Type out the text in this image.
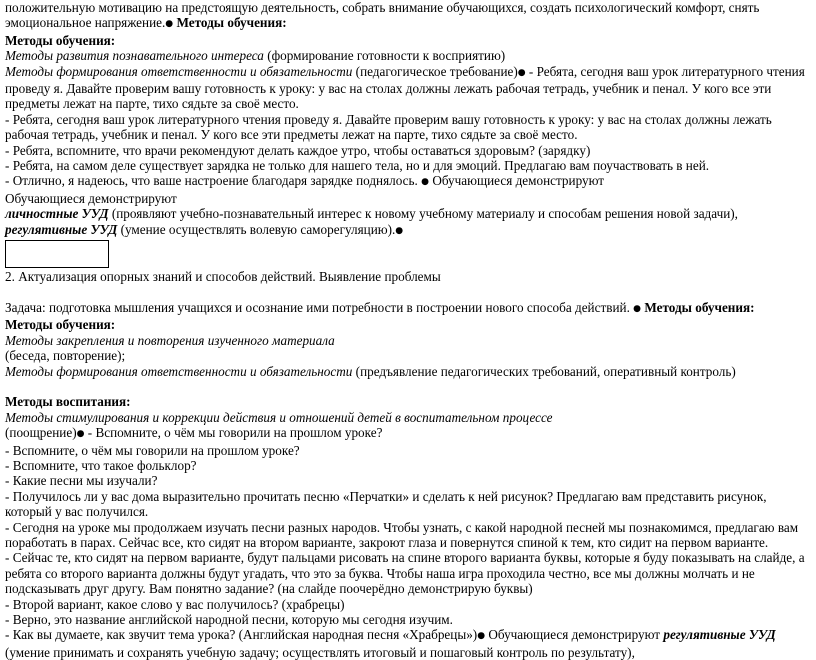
положительную мотивацию на предстоящую деятельность, собрать внимание обучающихся, создать психологический комфорт, снять эмоциональное напряжение.● Методы обучения:

Методы обучения:

Методы развития познавательного интереса (формирование готовности к восприятию)

Методы формирования ответственности и обязательности (педагогическое требование)● - Ребята, сегодня ваш урок литературного чтения проведу я. Давайте проверим вашу готовность к уроку: у вас на столах должны лежать рабочая тетрадь, учебник и пенал. У кого все эти предметы лежат на парте, тихо сядьте за своё место.

- Ребята, сегодня ваш урок литературного чтения проведу я. Давайте проверим вашу готовность к уроку: у вас на столах должны лежать рабочая тетрадь, учебник и пенал. У кого все эти предметы лежат на парте, тихо сядьте за своё место.

- Ребята, вспомните, что врачи рекомендуют делать каждое утро, чтобы оставаться здоровым? (зарядку)

- Ребята, на самом деле существует зарядка не только для нашего тела, но и для эмоций. Предлагаю вам поучаствовать в ней.

- Отлично, я надеюсь, что ваше настроение благодаря зарядке поднялось. ● Обучающиеся демонстрируют

Обучающиеся демонстрируют

личностные УУД (проявляют учебно-познавательный интерес к новому учебному материалу и способам решения новой задачи),

регулятивные УУД (умение осуществлять волевую саморегуляцию).●

2. Актуализация опорных знаний и способов действий. Выявление проблемы

Задача: подготовка мышления учащихся и осознание ими потребности в построении нового способа действий. ● Методы обучения:

Методы обучения:

Методы закрепления и повторения изученного материала

(беседа, повторение);

Методы формирования ответственности и обязательности (предъявление педагогических требований, оперативный контроль)

Методы воспитания:

Методы стимулирования и коррекции действия и отношений детей в воспитательном процессе

(поощрение)● - Вспомните, о чём мы говорили на прошлом уроке?

- Вспомните, о чём мы говорили на прошлом уроке?

- Вспомните, что такое фольклор?

- Какие песни мы изучали?

- Получилось ли у вас дома выразительно прочитать песню «Перчатки» и сделать к ней рисунок? Предлагаю вам представить рисунок, который у вас получился.

- Сегодня на уроке мы продолжаем изучать песни разных народов. Чтобы узнать, с какой народной песней мы познакомимся, предлагаю вам поработать в парах. Сейчас все, кто сидят на втором варианте, закроют глаза и повернутся спиной к тем, кто сидит на первом варианте.

- Сейчас те, кто сидят на первом варианте, будут пальцами рисовать на спине второго варианта буквы, которые я буду показывать на слайде, а ребята со второго варианта должны будут угадать, что это за буква. Чтобы наша игра проходила честно, все мы должны молчать и не подсказывать друг другу. Вам понятно задание? (на слайде поочерёдно демонстрирую буквы)

- Второй вариант, какое слово у вас получилось? (храбрецы)

- Верно, это название английской народной песни, которую мы сегодня изучим.

- Как вы думаете, как звучит тема урока? (Английская народная песня «Храбрецы»)● Обучающиеся демонстрируют регулятивные УУД (умение принимать и сохранять учебную задачу; осуществлять итоговый и пошаговый контроль по результату),
